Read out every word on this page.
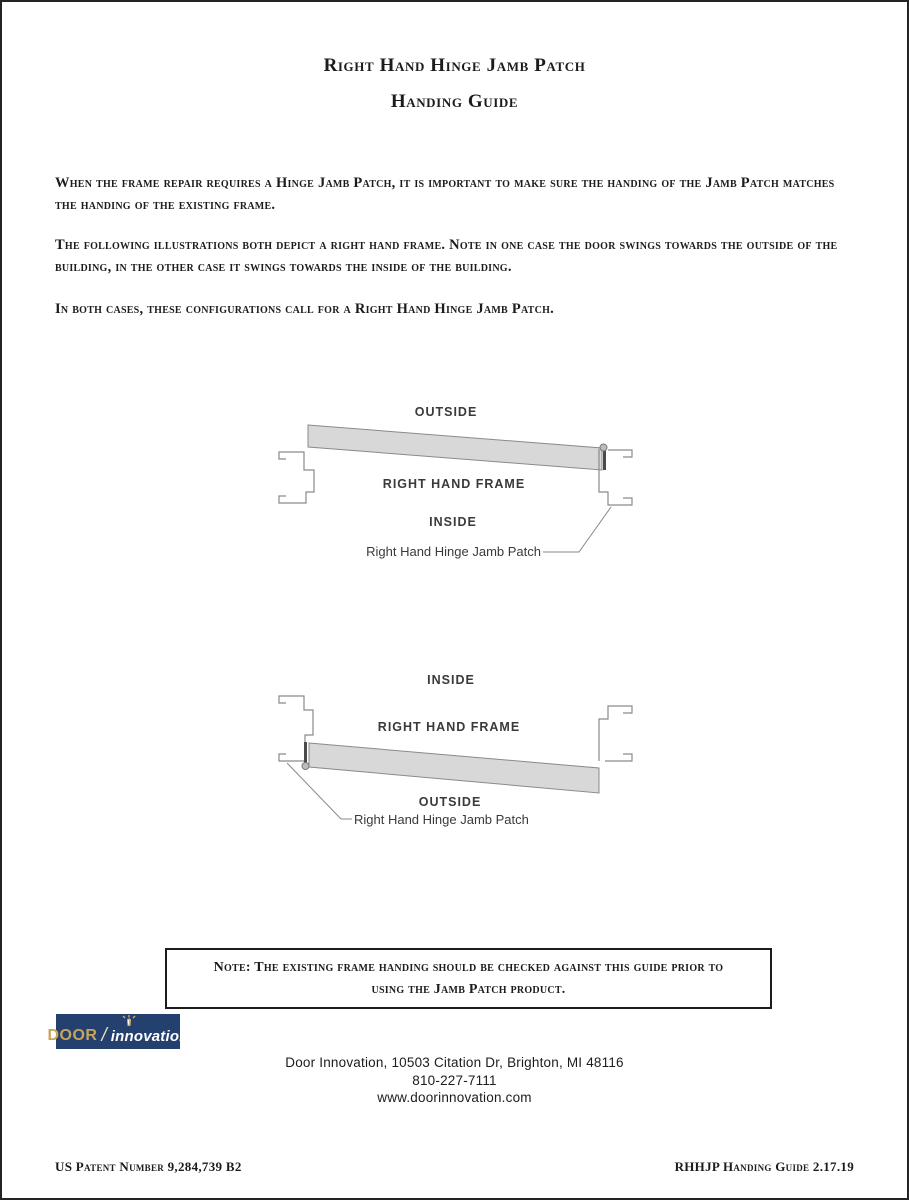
Right Hand Hinge Jamb Patch
Handing Guide
When the frame repair requires a Hinge Jamb Patch, it is important to make sure the handing of the Jamb Patch matches the handing of the existing frame.
The following illustrations both depict a right hand frame. Note in one case the door swings towards the outside of the building, in the other case it swings towards the inside of the building.
In both cases, these configurations call for a Right Hand Hinge Jamb Patch.
OUTSIDE
RIGHT HAND FRAME
INSIDE
Right Hand Hinge Jamb Patch
INSIDE
RIGHT HAND FRAME
OUTSIDE
Right Hand Hinge Jamb Patch
Note: The existing frame handing should be checked against this guide prior to using the Jamb Patch product.
DOOR / innovation
Door Innovation, 10503 Citation Dr, Brighton, MI 48116
810-227-7111
www.doorinnovation.com
US Patent Number 9,284,739 B2	RHHJP Handing Guide 2.17.19
